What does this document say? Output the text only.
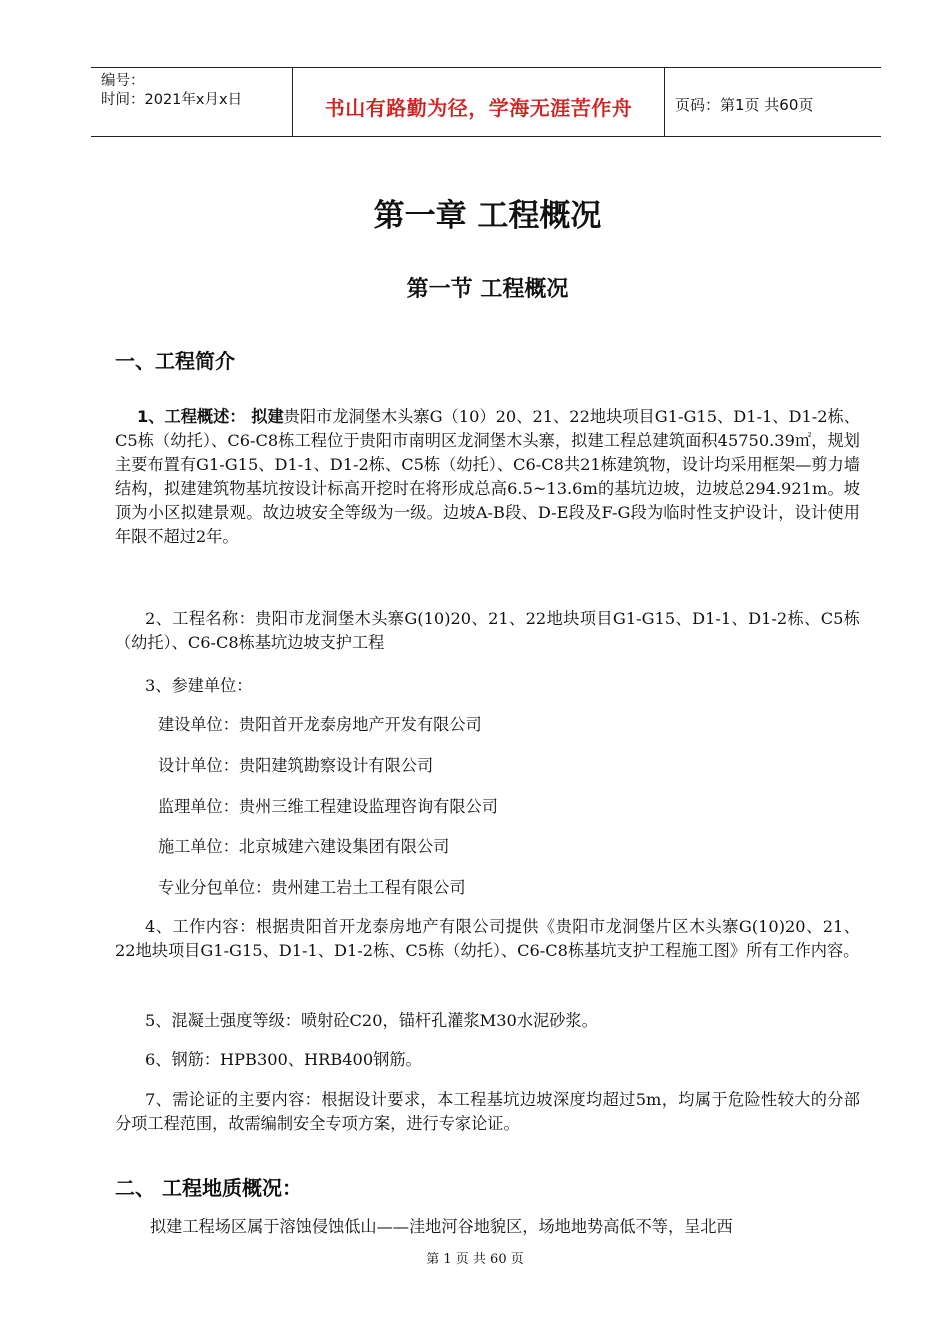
编号：
时间：2021年x月x日	书山有路勤为径，学海无涯苦作舟	页码：第1页 共60页
第一章 工程概况
第一节 工程概况
一、工程简介
1、工程概述： 拟建贵阳市龙洞堡木头寨G（10）20、21、22地块项目G1-G15、D1-1、D1-2栋、C5栋（幼托）、C6-C8栋工程位于贵阳市南明区龙洞堡木头寨，拟建工程总建筑面积45750.39㎡，规划主要布置有G1-G15、D1-1、D1-2栋、C5栋（幼托）、C6-C8共21栋建筑物，设计均采用框架—剪力墙结构，拟建建筑物基坑按设计标高开挖时在将形成总高6.5~13.6m的基坑边坡，边坡总294.921m。坡顶为小区拟建景观。故边坡安全等级为一级。边坡A-B段、D-E段及F-G段为临时性支护设计，设计使用年限不超过2年。
2、工程名称：贵阳市龙洞堡木头寨G(10)20、21、22地块项目G1-G15、D1-1、D1-2栋、C5栋（幼托）、C6-C8栋基坑边坡支护工程
3、参建单位：
建设单位：贵阳首开龙泰房地产开发有限公司
设计单位：贵阳建筑勘察设计有限公司
监理单位：贵州三维工程建设监理咨询有限公司
施工单位：北京城建六建设集团有限公司
专业分包单位：贵州建工岩土工程有限公司
4、工作内容：根据贵阳首开龙泰房地产有限公司提供《贵阳市龙洞堡片区木头寨G(10)20、21、22地块项目G1-G15、D1-1、D1-2栋、C5栋（幼托）、C6-C8栋基坑支护工程施工图》所有工作内容。
5、混凝土强度等级：喷射砼C20，锚杆孔灌浆M30水泥砂浆。
6、钢筋：HPB300、HRB400钢筋。
7、需论证的主要内容：根据设计要求，本工程基坑边坡深度均超过5m，均属于危险性较大的分部分项工程范围，故需编制安全专项方案，进行专家论证。
二、 工程地质概况：
拟建工程场区属于溶蚀侵蚀低山——洼地河谷地貌区，场地地势高低不等，呈北西
第 1 页 共 60 页
